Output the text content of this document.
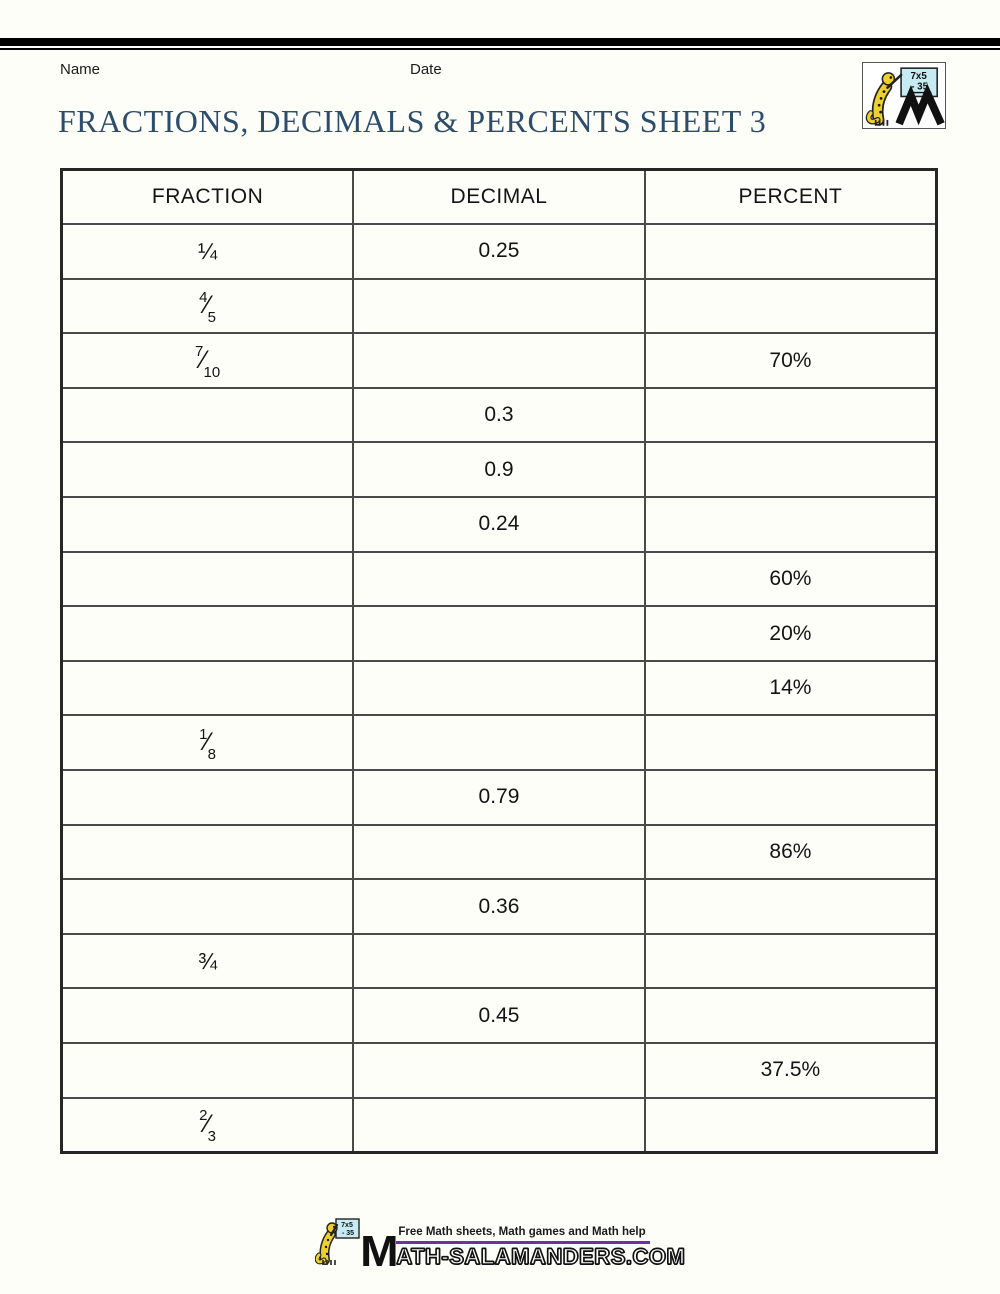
Name	Date	7x5
- 35
FRACTIONS, DECIMALS & PERCENTS SHEET 3
FRACTION	DECIMAL	PERCENT
¼	0.25	
$^4⁄_5$		
$^7⁄_{10}$		70%
	0.3	
	0.9	
	0.24	
		60%
		20%
		14%
$^1⁄_8$		
	0.79	
		86%
	0.36	
¾		
	0.45	
		37.5%
$^2⁄_3$		
7x5
- 35 M Free Math sheets, Math games and Math help
ATH-SALAMANDERS.COM
